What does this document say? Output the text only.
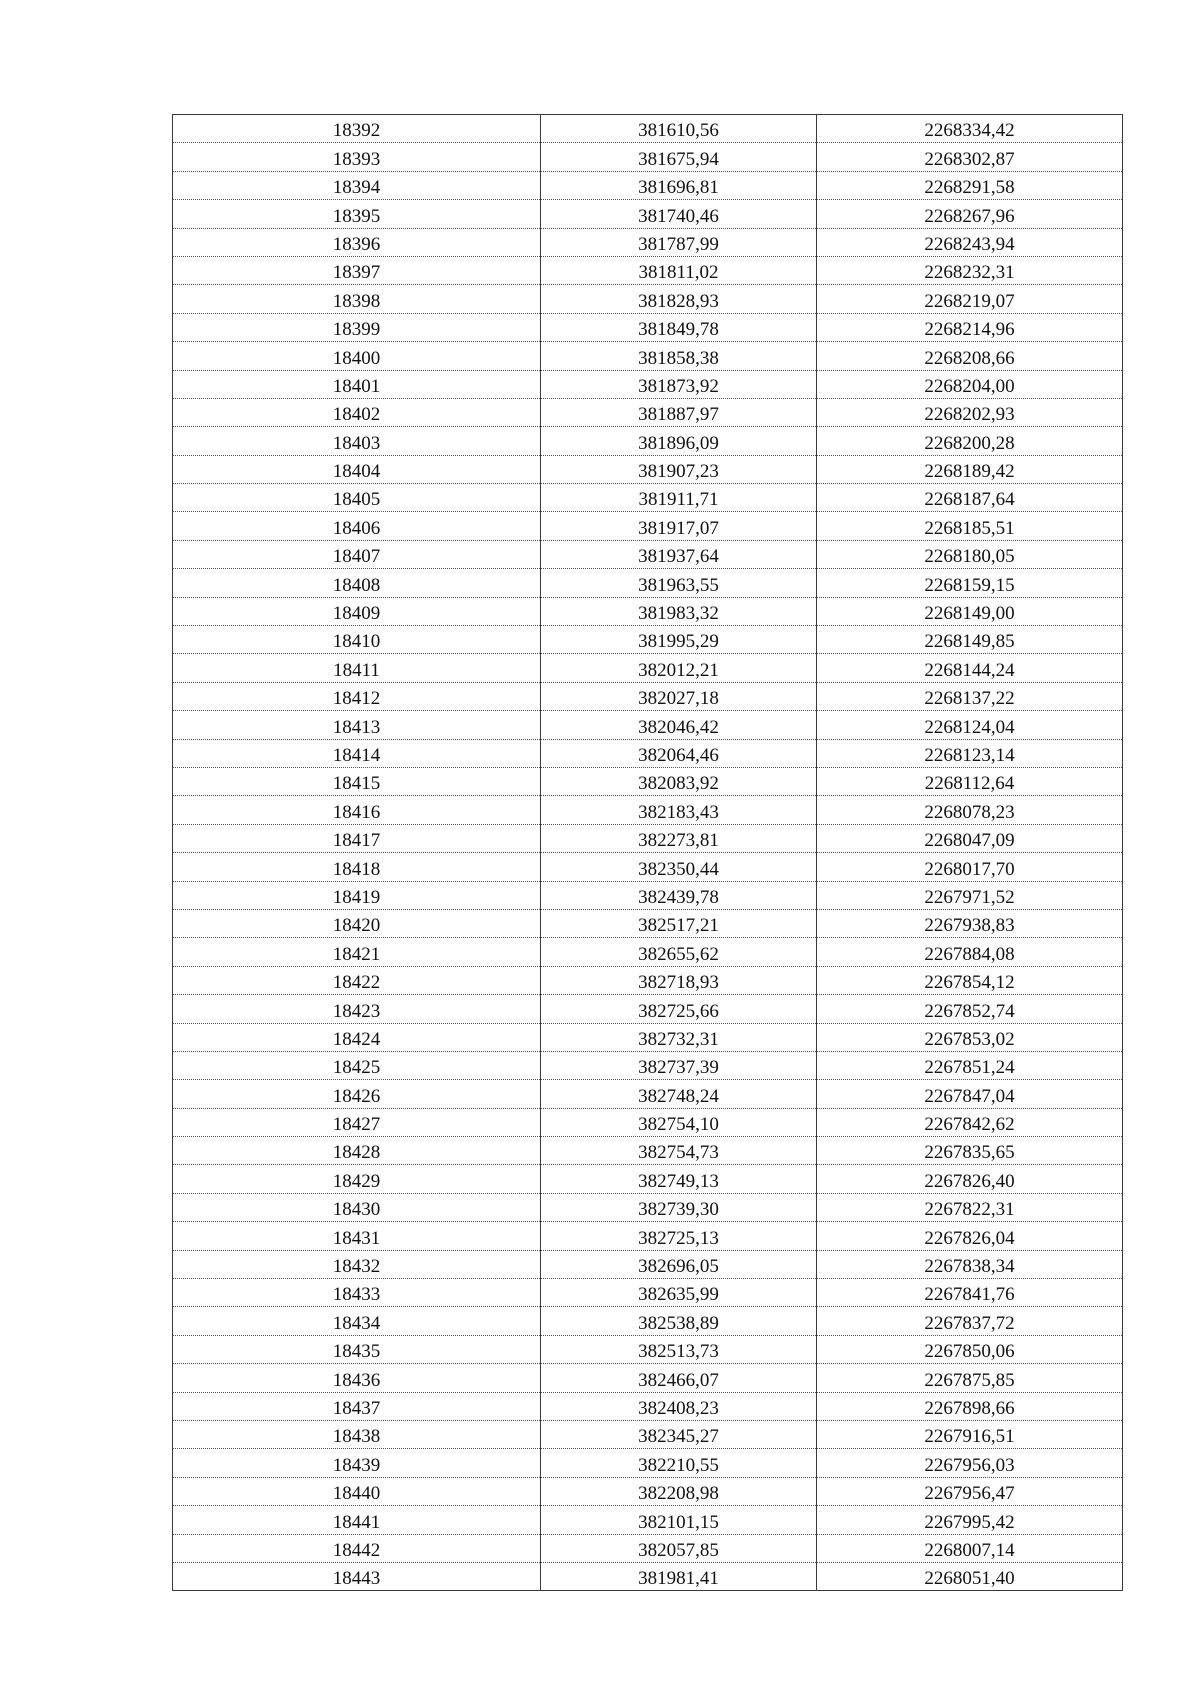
18392	381610,56	2268334,42
18393	381675,94	2268302,87
18394	381696,81	2268291,58
18395	381740,46	2268267,96
18396	381787,99	2268243,94
18397	381811,02	2268232,31
18398	381828,93	2268219,07
18399	381849,78	2268214,96
18400	381858,38	2268208,66
18401	381873,92	2268204,00
18402	381887,97	2268202,93
18403	381896,09	2268200,28
18404	381907,23	2268189,42
18405	381911,71	2268187,64
18406	381917,07	2268185,51
18407	381937,64	2268180,05
18408	381963,55	2268159,15
18409	381983,32	2268149,00
18410	381995,29	2268149,85
18411	382012,21	2268144,24
18412	382027,18	2268137,22
18413	382046,42	2268124,04
18414	382064,46	2268123,14
18415	382083,92	2268112,64
18416	382183,43	2268078,23
18417	382273,81	2268047,09
18418	382350,44	2268017,70
18419	382439,78	2267971,52
18420	382517,21	2267938,83
18421	382655,62	2267884,08
18422	382718,93	2267854,12
18423	382725,66	2267852,74
18424	382732,31	2267853,02
18425	382737,39	2267851,24
18426	382748,24	2267847,04
18427	382754,10	2267842,62
18428	382754,73	2267835,65
18429	382749,13	2267826,40
18430	382739,30	2267822,31
18431	382725,13	2267826,04
18432	382696,05	2267838,34
18433	382635,99	2267841,76
18434	382538,89	2267837,72
18435	382513,73	2267850,06
18436	382466,07	2267875,85
18437	382408,23	2267898,66
18438	382345,27	2267916,51
18439	382210,55	2267956,03
18440	382208,98	2267956,47
18441	382101,15	2267995,42
18442	382057,85	2268007,14
18443	381981,41	2268051,40
